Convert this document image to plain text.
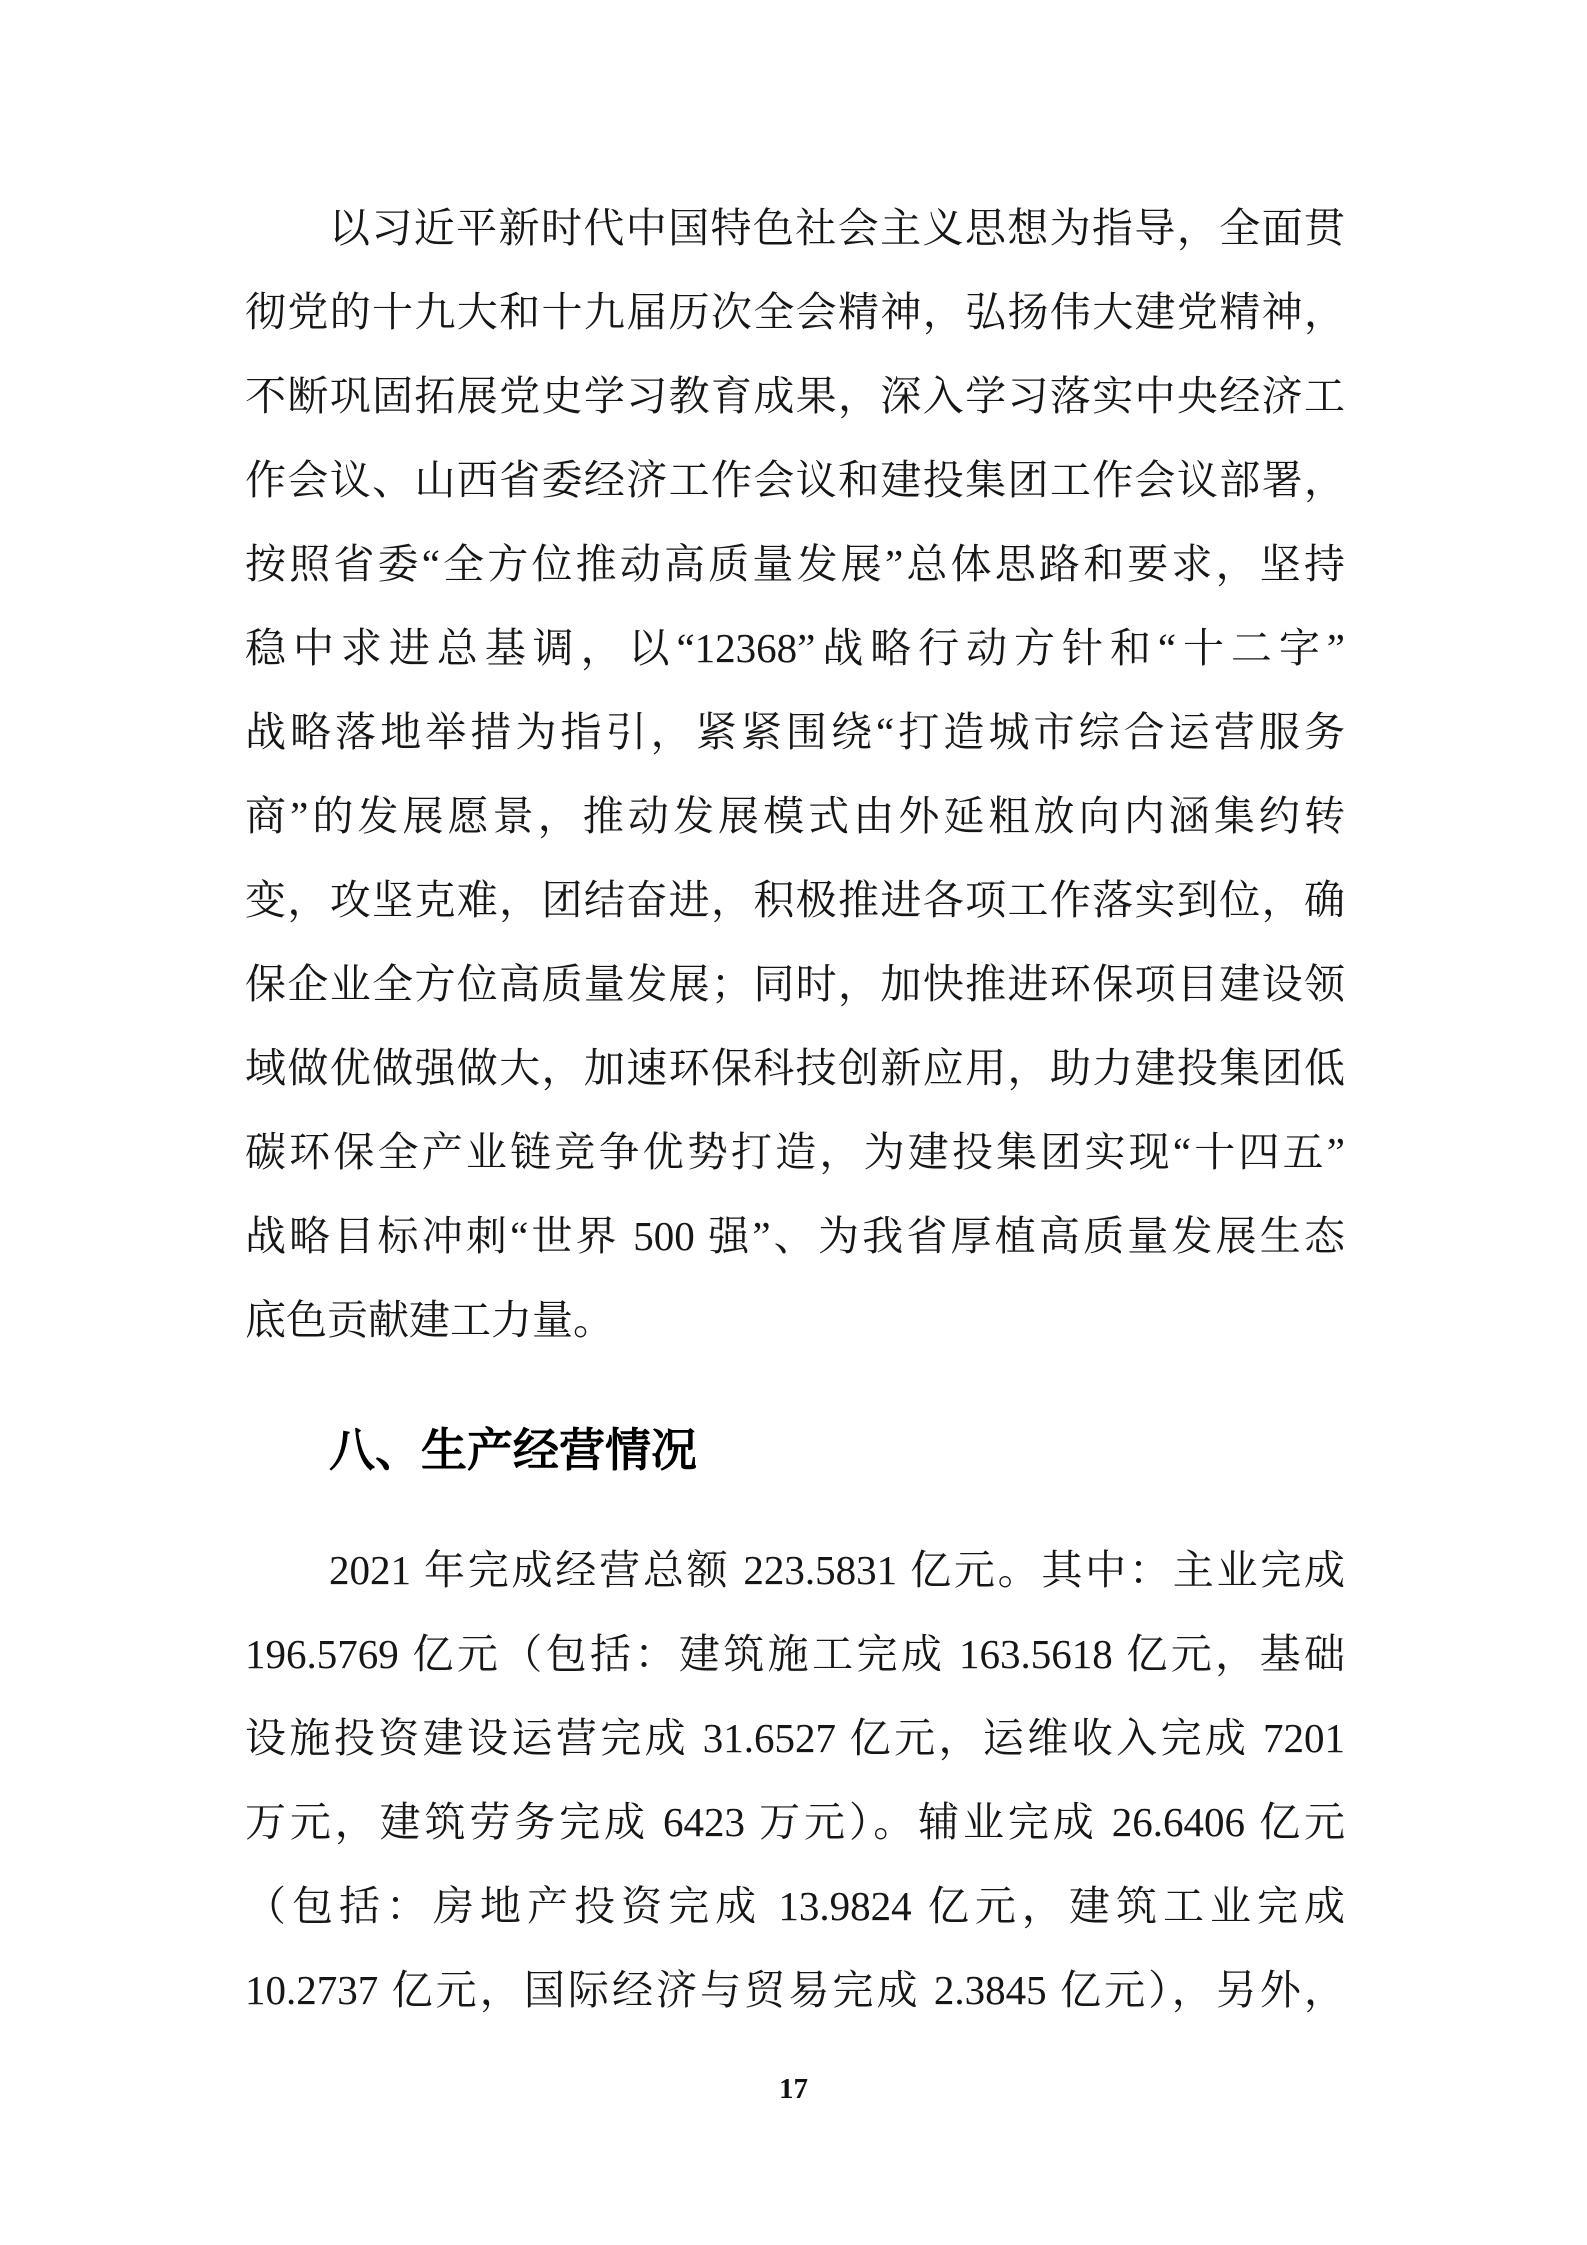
以习近平新时代中国特色社会主义思想为指导，全面贯
彻党的十九大和十九届历次全会精神，弘扬伟大建党精神，
不断巩固拓展党史学习教育成果，深入学习落实中央经济工
作会议、山西省委经济工作会议和建投集团工作会议部署，
按照省委“全方位推动高质量发展”总体思路和要求，坚持
稳中求进总基调，以“12368”战略行动方针和“十二字”
战略落地举措为指引，紧紧围绕“打造城市综合运营服务
商”的发展愿景，推动发展模式由外延粗放向内涵集约转
变，攻坚克难，团结奋进，积极推进各项工作落实到位，确
保企业全方位高质量发展；同时，加快推进环保项目建设领
域做优做强做大，加速环保科技创新应用，助力建投集团低
碳环保全产业链竞争优势打造，为建投集团实现“十四五”
战略目标冲刺“世界 500 强”、为我省厚植高质量发展生态
底色贡献建工力量。
八、生产经营情况
2021 年完成经营总额 223.5831 亿元。其中：主业完成
196.5769 亿元（包括：建筑施工完成 163.5618 亿元，基础
设施投资建设运营完成 31.6527 亿元，运维收入完成 7201
万元，建筑劳务完成 6423 万元）。辅业完成 26.6406 亿元
（包括：房地产投资完成 13.9824 亿元，建筑工业完成
10.2737 亿元，国际经济与贸易完成 2.3845 亿元），另外，
17
